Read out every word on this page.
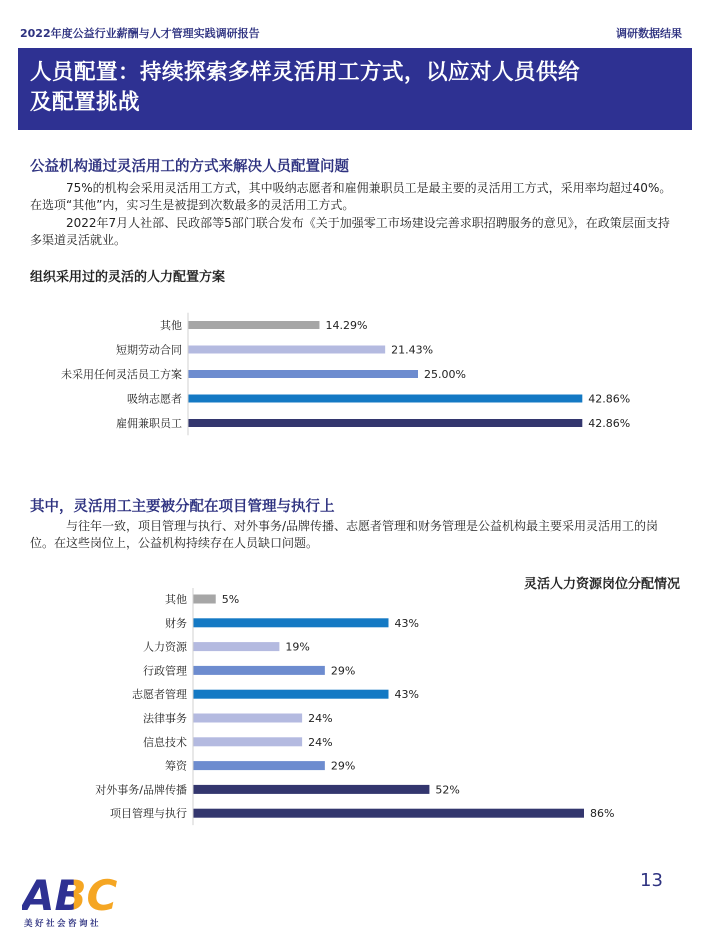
2022年度公益行业薪酬与人才管理实践调研报告	调研数据结果
人员配置：持续探索多样灵活用工方式，以应对人员供给
及配置挑战
公益机构通过灵活用工的方式来解决人员配置问题

75%的机构会采用灵活用工方式，其中吸纳志愿者和雇佣兼职员工是最主要的灵活用工方式，采用率均超过40%。在选项“其他”内，实习生是被提到次数最多的灵活用工方式。

2022年7月人社部、民政部等5部门联合发布《关于加强零工市场建设完善求职招聘服务的意见》，在政策层面支持多渠道灵活就业。

组织采用过的灵活的人力配置方案
其他	14.29%
短期劳动合同	21.43%
未采用任何灵活员工方案	25.00%
吸纳志愿者	42.86%
雇佣兼职员工	42.86%
其中，灵活用工主要被分配在项目管理与执行上

与往年一致，项目管理与执行、对外事务/品牌传播、志愿者管理和财务管理是公益机构最主要采用灵活用工的岗位。在这些岗位上，公益机构持续存在人员缺口问题。

灵活人力资源岗位分配情况
其他	5%
财务	43%
人力资源	19%
行政管理	29%
志愿者管理	43%
法律事务	24%
信息技术	24%
筹资	29%
对外事务/品牌传播	52%
项目管理与执行	86%
13
ABC
美好社会咨询社
